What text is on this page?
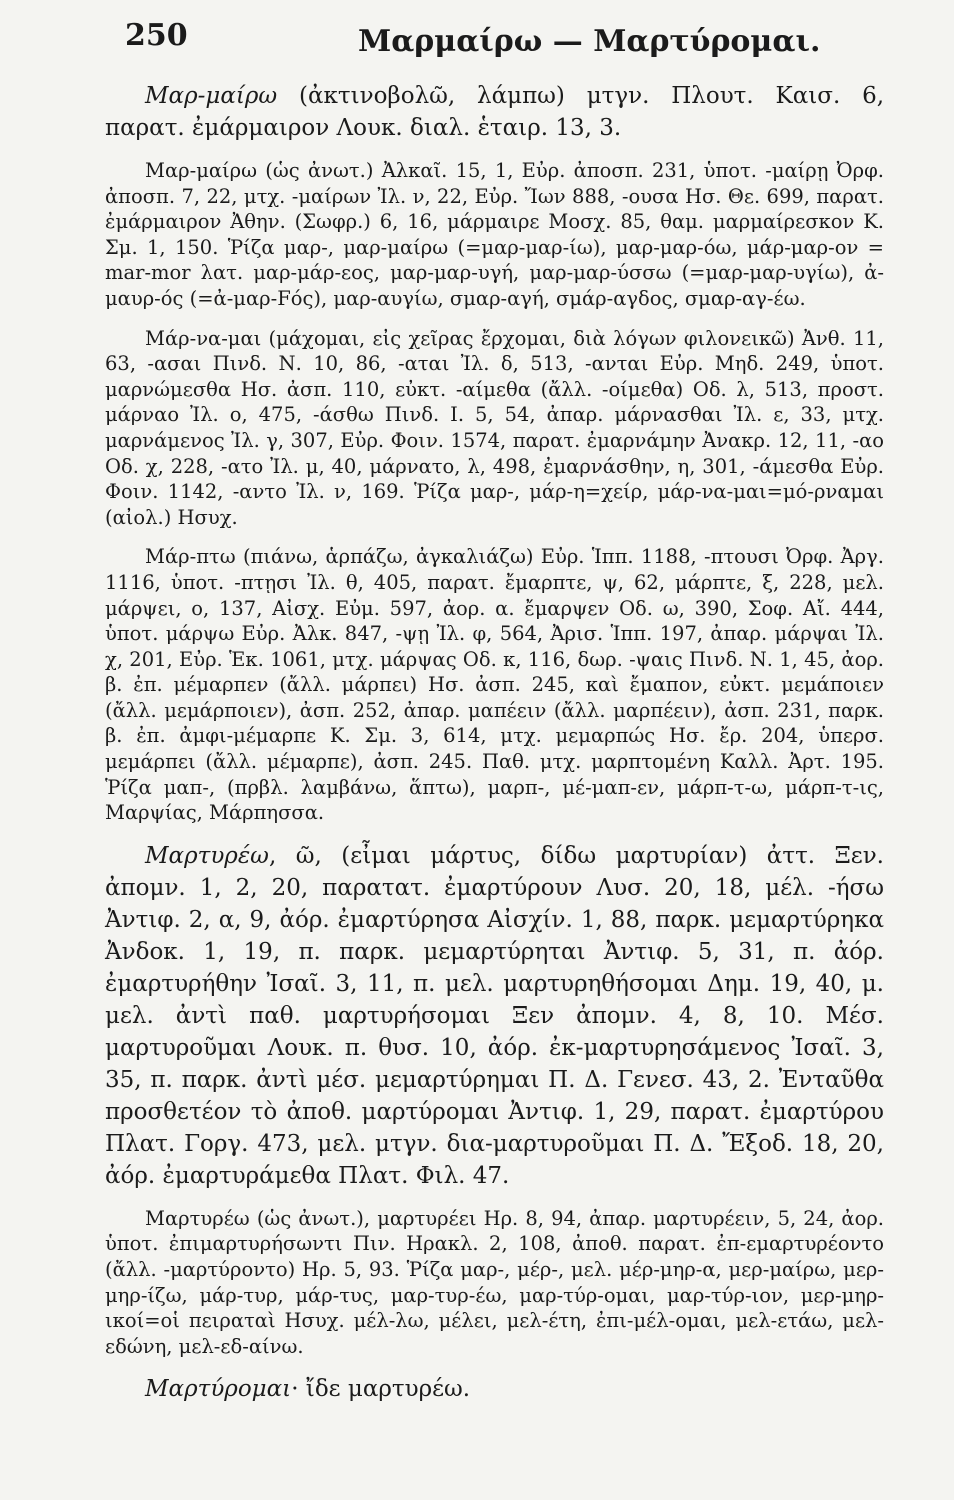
250	Μαρμαίρω — Μαρτύρομαι.

Μαρ-μαίρω (ἀκτινοβολῶ, λάμπω) μτγν. Πλουτ. Καισ. 6, παρατ. ἐμάρμαιρον Λουκ. διαλ. ἑταιρ. 13, 3.

Μαρ-μαίρω (ὡς ἀνωτ.) Ἀλκαῖ. 15, 1, Εὐρ. ἀποσπ. 231, ὑποτ. -μαίρῃ Ὀρφ. ἀποσπ. 7, 22, μτχ. -μαίρων Ἰλ. ν, 22, Εὐρ. Ἴων 888, -ουσα Ησ. Θε. 699, παρατ. ἐμάρμαιρον Ἀθην. (Σωφρ.) 6, 16, μάρμαιρε Μοσχ. 85, θαμ. μαρμαίρεσκον Κ. Σμ. 1, 150. Ῥίζα μαρ-, μαρ-μαίρω (=μαρ-μαρ-ίω), μαρ-μαρ-όω, μάρ-μαρ-ον = mar-mor λατ. μαρ-μάρ-εος, μαρ-μαρ-υγή, μαρ-μαρ-ύσσω (=μαρ-μαρ-υγίω), ἀ-μαυρ-ός (=ἀ-μαρ-Fός), μαρ-αυγίω, σμαρ-αγή, σμάρ-αγδος, σμαρ-αγ-έω.

Μάρ-να-μαι (μάχομαι, εἰς χεῖρας ἔρχομαι, διὰ λόγων φιλονεικῶ) Ἀνθ. 11, 63, -ασαι Πινδ. Ν. 10, 86, -αται Ἰλ. δ, 513, -ανται Εὐρ. Μηδ. 249, ὑποτ. μαρνώμεσθα Ησ. ἀσπ. 110, εὐκτ. -αίμεθα (ἄλλ. -οίμεθα) Οδ. λ, 513, προστ. μάρναο Ἰλ. ο, 475, -άσθω Πινδ. Ι. 5, 54, ἀπαρ. μάρνασθαι Ἰλ. ε, 33, μτχ. μαρνάμενος Ἰλ. γ, 307, Εὐρ. Φοιν. 1574, παρατ. ἐμαρνάμην Ἀνακρ. 12, 11, -αο Οδ. χ, 228, -ατο Ἰλ. μ, 40, μάρνατο, λ, 498, ἐμαρνάσθην, η, 301, -άμεσθα Εὐρ. Φοιν. 1142, -αντο Ἰλ. ν, 169. Ῥίζα μαρ-, μάρ-η=χείρ, μάρ-να-μαι=μό-ρναμαι (αἰολ.) Ησυχ.

Μάρ-πτω (πιάνω, ἁρπάζω, ἀγκαλιάζω) Εὐρ. Ἱππ. 1188, -πτουσι Ὀρφ. Ἀργ. 1116, ὑποτ. -πτῃσι Ἰλ. θ, 405, παρατ. ἔμαρπτε, ψ, 62, μάρπτε, ξ, 228, μελ. μάρψει, ο, 137, Αἰσχ. Εὐμ. 597, ἀορ. α. ἔμαρψεν Οδ. ω, 390, Σοφ. Αἴ. 444, ὑποτ. μάρψω Εὐρ. Ἀλκ. 847, -ψῃ Ἰλ. φ, 564, Ἀρισ. Ἱππ. 197, ἀπαρ. μάρψαι Ἰλ. χ, 201, Εὐρ. Ἑκ. 1061, μτχ. μάρψας Οδ. κ, 116, δωρ. -ψαις Πινδ. Ν. 1, 45, ἀορ. β. ἐπ. μέμαρπεν (ἄλλ. μάρπει) Ησ. ἀσπ. 245, καὶ ἔμαπον, εὐκτ. μεμάποιεν (ἄλλ. μεμάρποιεν), ἀσπ. 252, ἀπαρ. μαπέειν (ἄλλ. μαρπέειν), ἀσπ. 231, παρκ. β. ἐπ. ἀμφι-μέμαρπε Κ. Σμ. 3, 614, μτχ. μεμαρπώς Ησ. ἔρ. 204, ὑπερσ. μεμάρπει (ἄλλ. μέμαρπε), ἀσπ. 245. Παθ. μτχ. μαρπτομένη Καλλ. Ἀρτ. 195. Ῥίζα μαπ-, (πρβλ. λαμβάνω, ἅπτω), μαρπ-, μέ-μαπ-εν, μάρπ-τ-ω, μάρπ-τ-ις, Μαρψίας, Μάρπησσα.

Μαρτυρέω, ῶ, (εἶμαι μάρτυς, δίδω μαρτυρίαν) ἀττ. Ξεν. ἀπομν. 1, 2, 20, παρατατ. ἐμαρτύρουν Λυσ. 20, 18, μέλ. -ήσω Ἀντιφ. 2, α, 9, ἀόρ. ἐμαρτύρησα Αἰσχίν. 1, 88, παρκ. μεμαρτύρηκα Ἀνδοκ. 1, 19, π. παρκ. μεμαρτύρηται Ἀντιφ. 5, 31, π. ἀόρ. ἐμαρτυρήθην Ἰσαῖ. 3, 11, π. μελ. μαρτυρηθήσομαι Δημ. 19, 40, μ. μελ. ἀντὶ παθ. μαρτυρήσομαι Ξεν ἀπομν. 4, 8, 10. Μέσ. μαρτυροῦμαι Λουκ. π. θυσ. 10, ἀόρ. ἐκ-μαρτυρησάμενος Ἰσαῖ. 3, 35, π. παρκ. ἀντὶ μέσ. μεμαρτύρημαι Π. Δ. Γενεσ. 43, 2. Ἐνταῦθα προσθετέον τὸ ἀποθ. μαρτύρομαι Ἀντιφ. 1, 29, παρατ. ἐμαρτύρου Πλατ. Γοργ. 473, μελ. μτγν. δια-μαρτυροῦμαι Π. Δ. Ἔξοδ. 18, 20, ἀόρ. ἐμαρτυράμεθα Πλατ. Φιλ. 47.

Μαρτυρέω (ὡς ἀνωτ.), μαρτυρέει Ηρ. 8, 94, ἀπαρ. μαρτυρέειν, 5, 24, ἀορ. ὑποτ. ἐπιμαρτυρήσωντι Πιν. Ηρακλ. 2, 108, ἀποθ. παρατ. ἐπ-εμαρτυρέοντο (ἄλλ. -μαρτύροντο) Ηρ. 5, 93. Ῥίζα μαρ-, μέρ-, μελ. μέρ-μηρ-α, μερ-μαίρω, μερ-μηρ-ίζω, μάρ-τυρ, μάρ-τυς, μαρ-τυρ-έω, μαρ-τύρ-ομαι, μαρ-τύρ-ιον, μερ-μηρ-ικοί=οἱ πειραταὶ Ησυχ. μέλ-λω, μέλει, μελ-έτη, ἐπι-μέλ-ομαι, μελ-ετάω, μελ-εδώνη, μελ-εδ-αίνω.

Μαρτύρομαι· ἴδε μαρτυρέω.
